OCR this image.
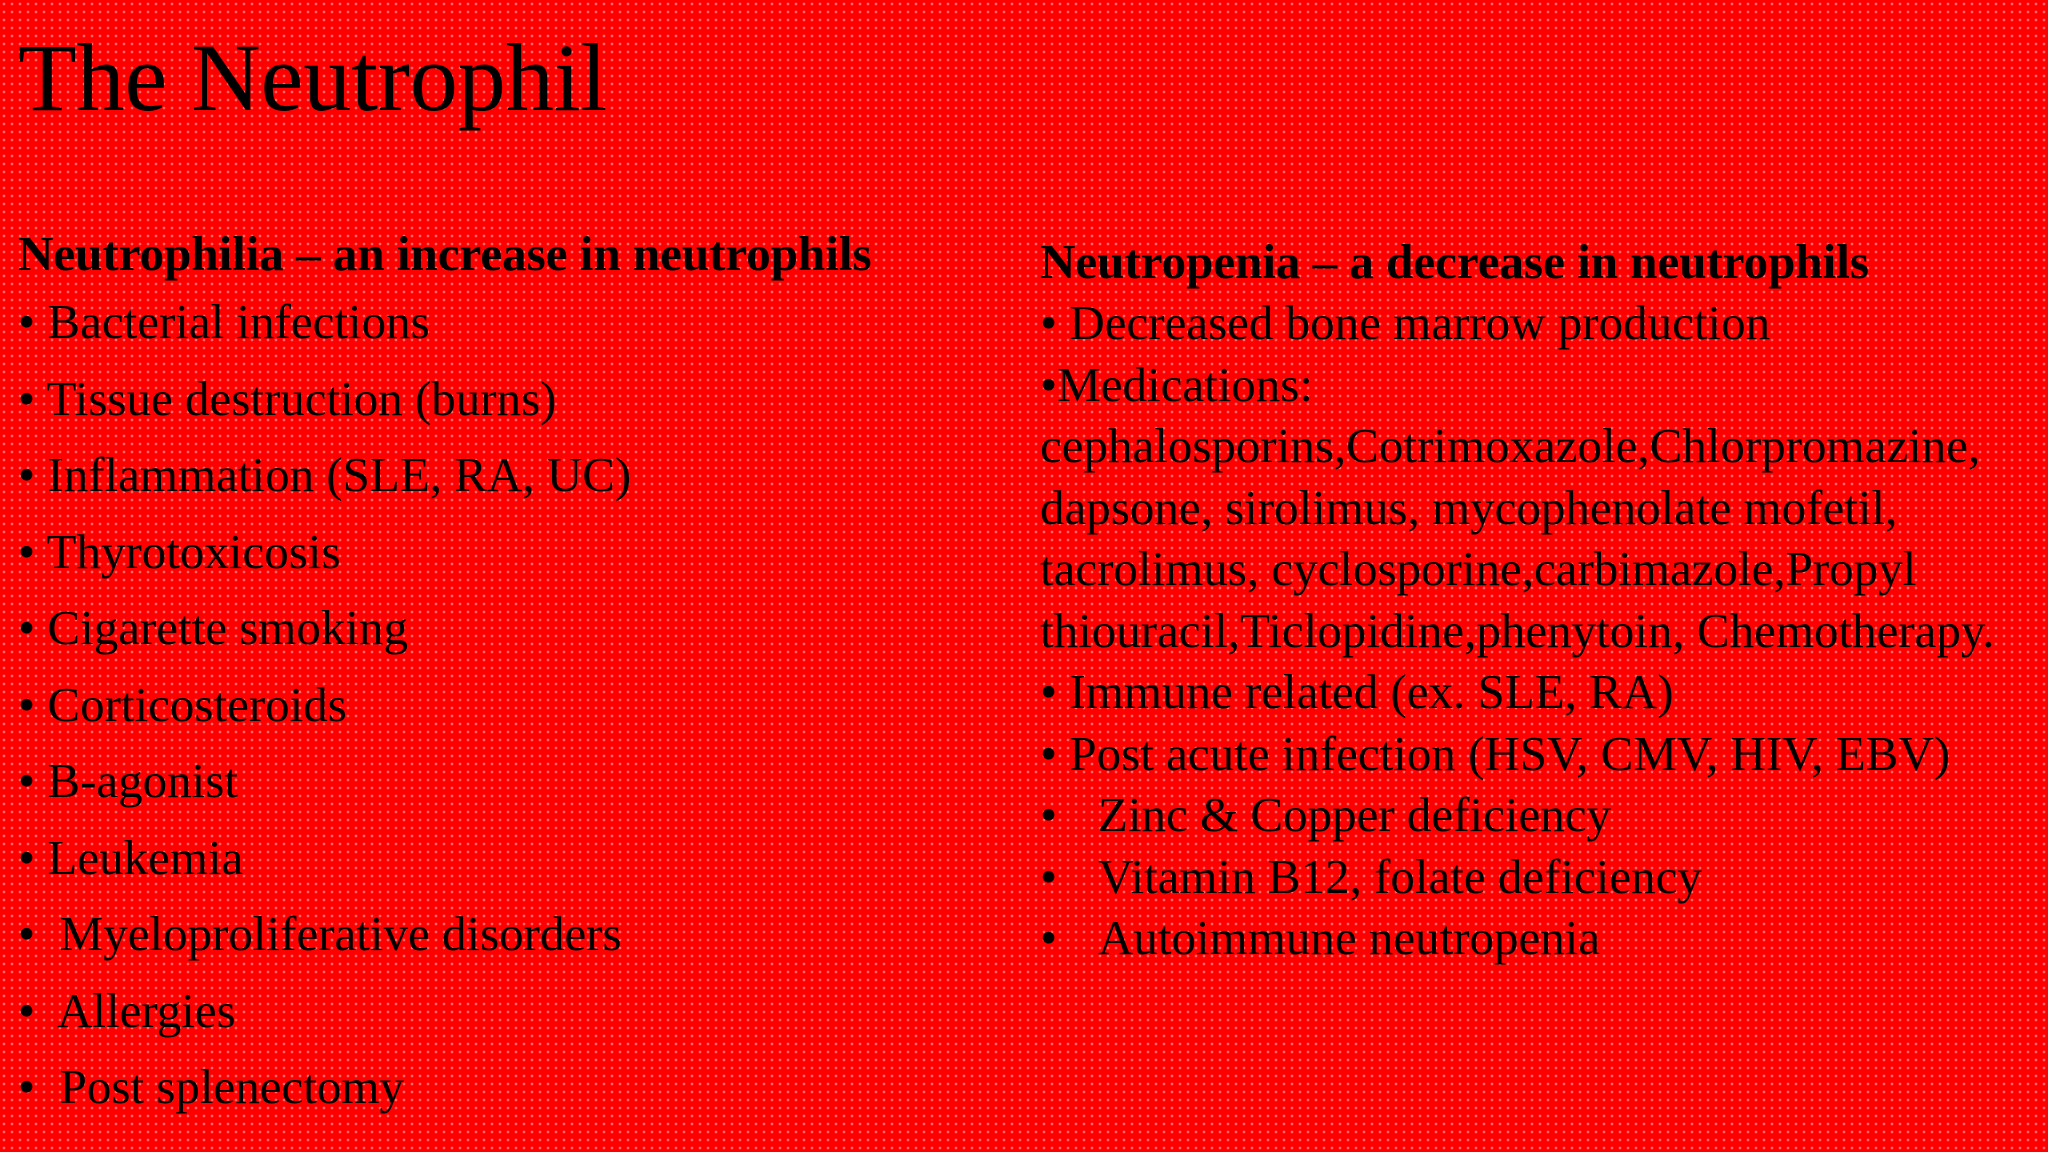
The Neutrophil

Neutrophilia – an increase in neutrophils

• Bacterial infections
• Tissue destruction (burns)
• Inflammation (SLE, RA, UC)
• Thyrotoxicosis
• Cigarette smoking
• Corticosteroids
• B-agonist
• Leukemia
• Myeloproliferative disorders
• Allergies
• Post splenectomy

Neutropenia – a decrease in neutrophils

• Decreased bone marrow production
•Medications: cephalosporins,Cotrimoxazole,Chlorpromazine, dapsone, sirolimus, mycophenolate mofetil, tacrolimus, cyclosporine,carbimazole,Propyl thiouracil,Ticlopidine,phenytoin, Chemotherapy.
• Immune related (ex. SLE, RA)
• Post acute infection (HSV, CMV, HIV, EBV)
• Zinc & Copper deficiency
• Vitamin B12, folate deficiency
• Autoimmune neutropenia
